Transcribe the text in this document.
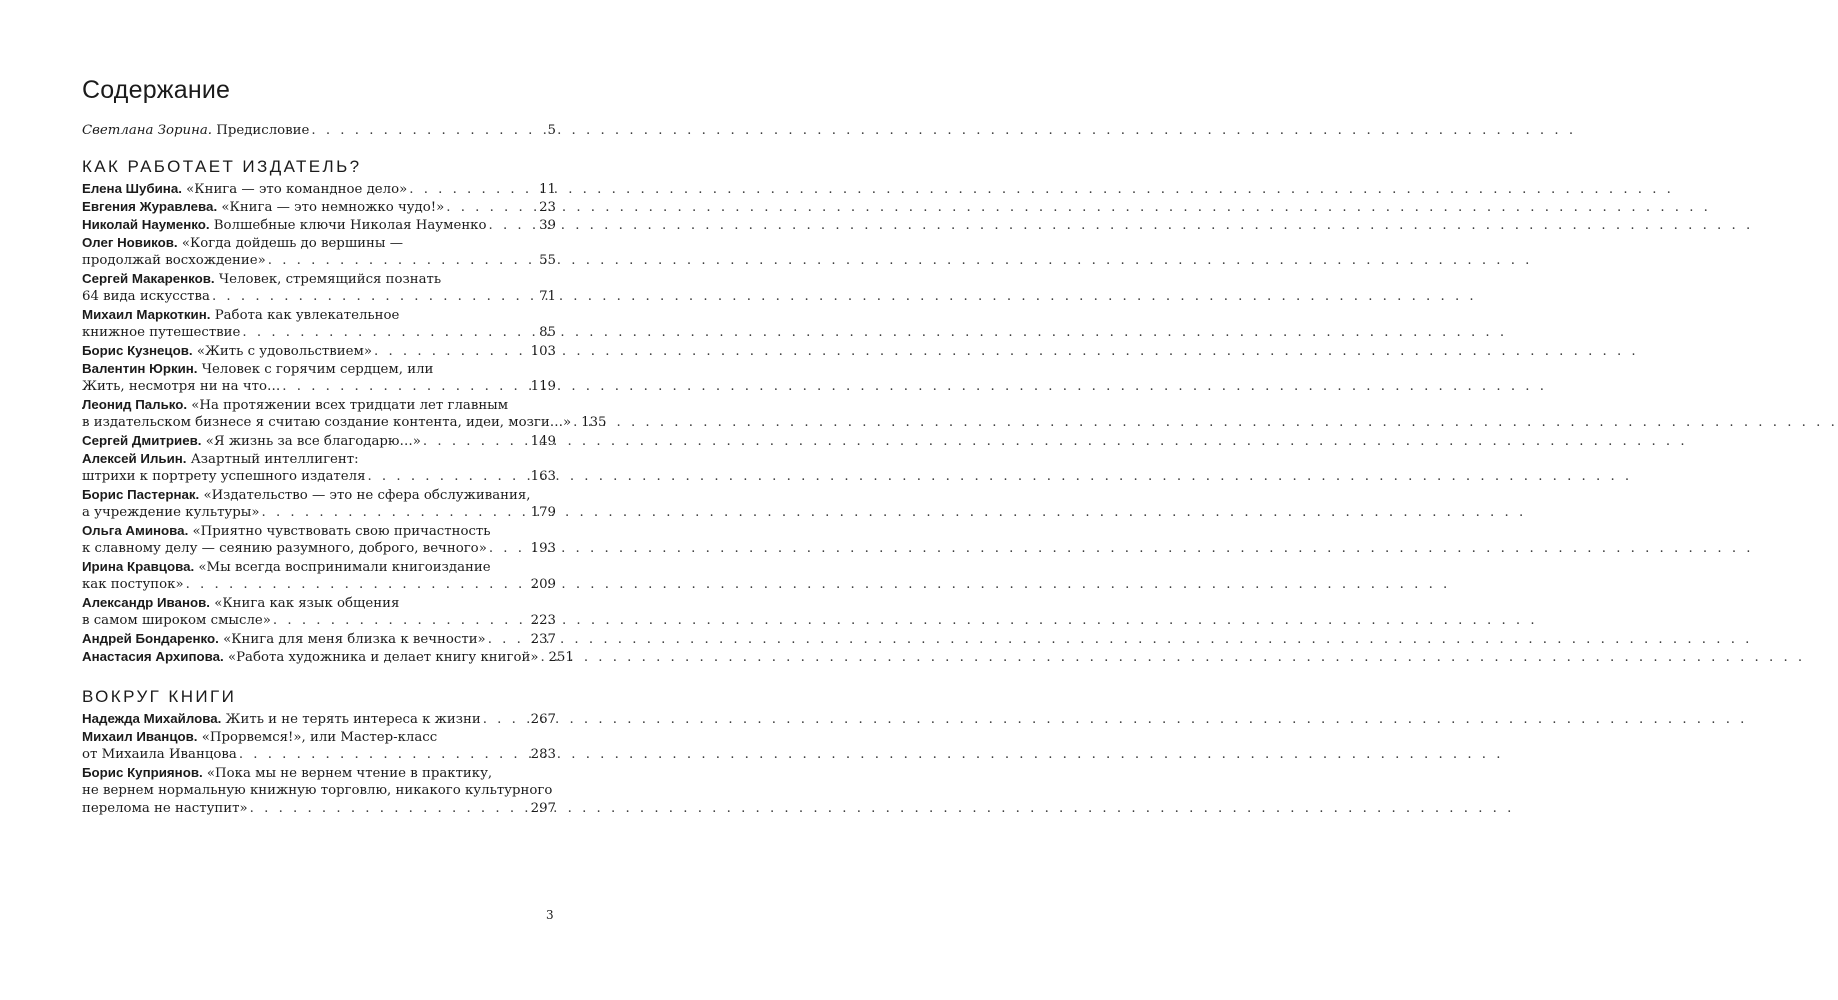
Содержание
Светлана Зорина. Предисловие . . .	5
КАК РАБОТАЕТ ИЗДАТЕЛЬ?
Елена Шубина. «Книга — это командное дело» . . .	11
Евгения Журавлева. «Книга — это немножко чудо!» . . .	23
Николай Науменко. Волшебные ключи Николая Науменко . . .	39
Олег Новиков. «Когда дойдешь до вершины —
продолжай восхождение» . . .	55
Сергей Макаренков. Человек, стремящийся познать
64 вида искусства . . .	71
Михаил Маркоткин. Работа как увлекательное
книжное путешествие . . .	85
Борис Кузнецов. «Жить с удовольствием» . . .	103
Валентин Юркин. Человек с горячим сердцем, или
Жить, несмотря ни на что… . . .	119
Леонид Палько. «На протяжении всех тридцати лет главным
в издательском бизнесе я считаю создание контента, идеи, мозги…» . . . 135
Сергей Дмитриев. «Я жизнь за все благодарю…» . . .	149
Алексей Ильин. Азартный интеллигент:
штрихи к портрету успешного издателя . . .	163
Борис Пастернак. «Издательство — это не сфера обслуживания,
а учреждение культуры» . . .	179
Ольга Аминова. «Приятно чувствовать свою причастность
к славному делу — сеянию разумного, доброго, вечного» . . .	193
Ирина Кравцова. «Мы всегда воспринимали книгоиздание
как поступок» . . .	209
Александр Иванов. «Книга как язык общения
в самом широком смысле» . . .	223
Андрей Бондаренко. «Книга для меня близка к вечности» . . .	237
Анастасия Архипова. «Работа художника и делает книгу книгой» . . . 251
ВОКРУГ КНИГИ
Надежда Михайлова. Жить и не терять интереса к жизни . . .	267
Михаил Иванцов. «Прорвемся!», или Мастер-класс
от Михаила Иванцова . . .	283
Борис Куприянов. «Пока мы не вернем чтение в практику,
не вернем нормальную книжную торговлю, никакого культурного
перелома не наступит» . . .	297
3
